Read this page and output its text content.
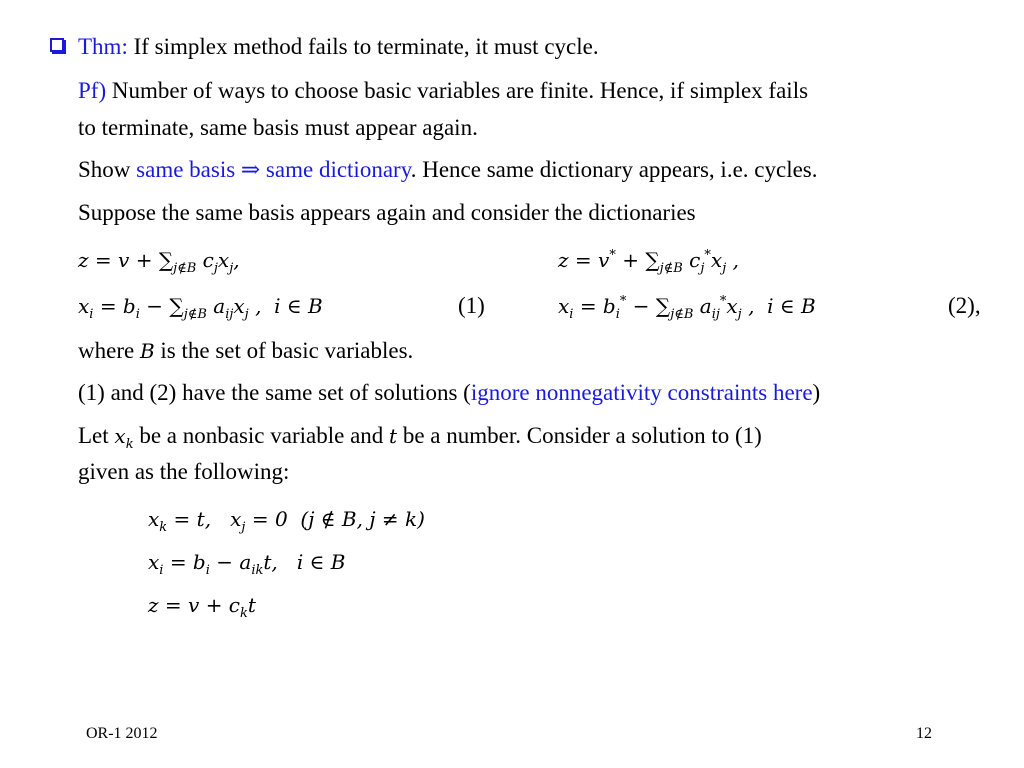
Thm: If simplex method fails to terminate, it must cycle.
Pf) Number of ways to choose basic variables are finite. Hence, if simplex fails
to terminate, same basis must appear again.
Show same basis ⇒ same dictionary. Hence same dictionary appears, i.e. cycles.
Suppose the same basis appears again and consider the dictionaries
$z = v + \sum_{j\notin B}$ $c_jx_j$,	$z = v^* + \sum_{j\notin B}$ $c_j^*x_j$ ,
$x_i = b_i - \sum_{j\notin B}$ $a_{ij}x_j$ ,  i ∈ B	(1)	$x_i = b_i^* - \sum_{j\notin B}$ $a_{ij}^*x_j$ ,  i ∈ B	(2),
where B is the set of basic variables.
(1) and (2) have the same set of solutions (ignore nonnegativity constraints here)
Let $x_k$ be a nonbasic variable and t be a number. Consider a solution to (1)
given as the following:
$x_k = t$,   $x_j = 0$ (j ∉ B, j ≠ k)
$x_i = b_i - a_{ik}t$,   i ∈ B
$z = v + c_kt$
OR-1 2012	12
